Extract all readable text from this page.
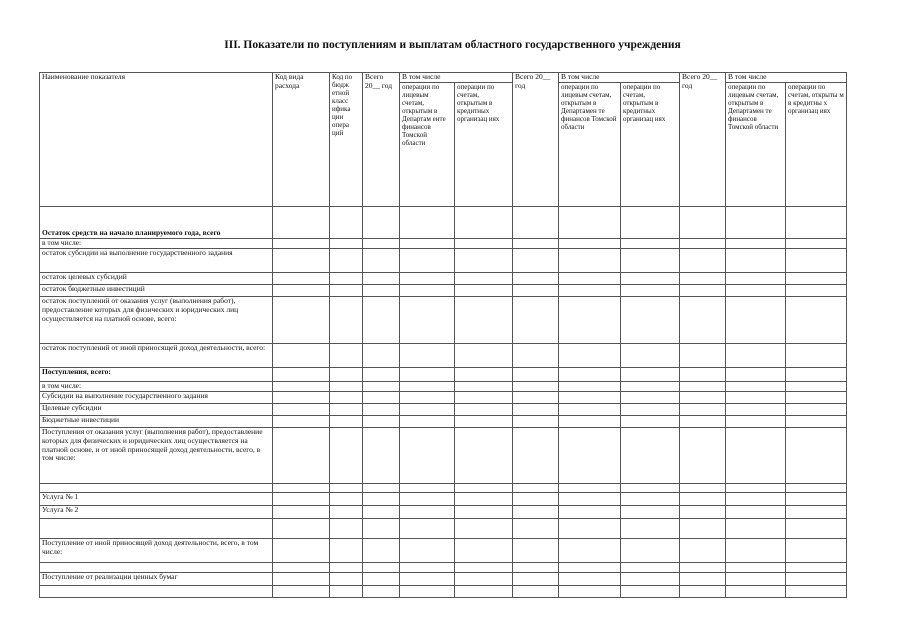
III. Показатели по поступлениям и выплатам областного государственного учреждения
Наименование показателя	Код вида расхода	Код по бюдж етной класс ифика ции опера ций	Всего 20__ год	В том числе		Всего 20__ год	В том числе		Всего 20__ год	В том числе	
				операции по лицевым счетам, открытым в Департам енте финансов Томской области	операции по счетам, открытым в кредитных организац иях		операции по лицевым счетам, открытым в Департамен те финансов Томской области	операции по счетам, открытым в кредитных организац иях		операции по лицевым счетам, открытым в Департамен те финансов Томской области	операции по счетам, открыты м в кредитны х организац иях
Остаток средств на начало планируемого года, всего											
в том числе:											
остаток субсидии на выполнение государственного задания											
остаток целевых субсидий											
остаток бюджетные инвестиций											
остаток поступлений от оказания услуг (выполнения работ), предоставление которых для физических и юридических лиц осуществляется на платной основе, всего:											
остаток поступлений от иной приносящей доход деятельности, всего:											
Поступления, всего:											
в том числе:											
Субсидии на выполнение государственного задания											
Целевые субсидии											
Бюджетные инвестиции											
Поступления от оказания услуг (выполнения работ), предоставление которых для физических и юридических лиц осуществляется на платной основе, и от иной приносящей доход деятельности, всего, в том числе:											

Услуга № 1											
Услуга № 2											

Поступление от иной приносящей доход деятельности, всего, в том числе:											

Поступление от реализации ценных бумаг											
